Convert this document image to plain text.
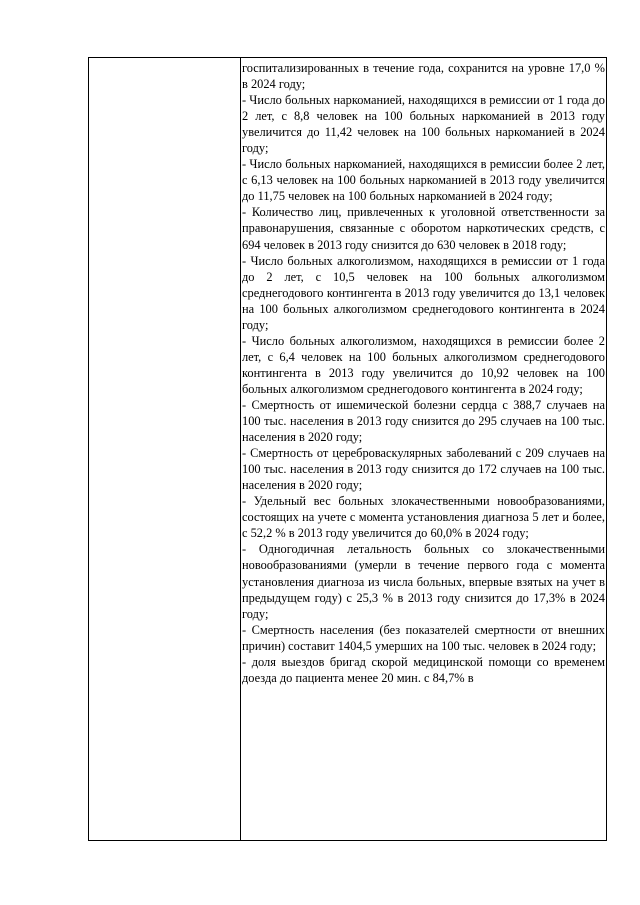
госпитализированных в течение года, сохранится на уровне 17,0 % в 2024 году;

- Число больных наркоманией, находящихся в ремиссии от 1 года до 2 лет, с 8,8 человек на 100 больных наркоманией в 2013 году увеличится до 11,42 человек на 100 больных наркоманией в 2024 году;

- Число больных наркоманией, находящихся в ремиссии более 2 лет, с 6,13 человек на 100 больных наркоманией в 2013 году увеличится до 11,75 человек на 100 больных наркоманией в 2024 году;

- Количество лиц, привлеченных к уголовной ответственности за правонарушения, связанные с оборотом наркотических средств, с 694 человек в 2013 году снизится до 630 человек в 2018 году;

- Число больных алкоголизмом, находящихся в ремиссии от 1 года до 2 лет, с 10,5 человек на 100 больных алкоголизмом среднегодового контингента в 2013 году увеличится до 13,1 человек на 100 больных алкоголизмом среднегодового контингента в 2024 году;

- Число больных алкоголизмом, находящихся в ремиссии более 2 лет, с 6,4 человек на 100 больных алкоголизмом среднегодового контингента в 2013 году увеличится до 10,92 человек на 100 больных алкоголизмом среднегодового контингента в 2024 году;

- Смертность от ишемической болезни сердца с 388,7 случаев на 100 тыс. населения в 2013 году снизится до 295 случаев на 100 тыс. населения в 2020 году;

- Смертность от цереброваскулярных заболеваний с 209 случаев на 100 тыс. населения в 2013 году снизится до 172 случаев на 100 тыс. населения в 2020 году;

- Удельный вес больных злокачественными новообразованиями, состоящих на учете с момента установления диагноза 5 лет и более, с 52,2 % в 2013 году увеличится до 60,0% в 2024 году;

- Одногодичная летальность больных со злокачественными новообразованиями (умерли в течение первого года с момента установления диагноза из числа больных, впервые взятых на учет в предыдущем году) с 25,3 % в 2013 году снизится до 17,3% в 2024 году;

- Смертность населения (без показателей смертности от внешних причин) составит 1404,5 умерших на 100 тыс. человек в 2024 году;

- доля выездов бригад скорой медицинской помощи со временем доезда до пациента менее 20 мин. с 84,7% в
